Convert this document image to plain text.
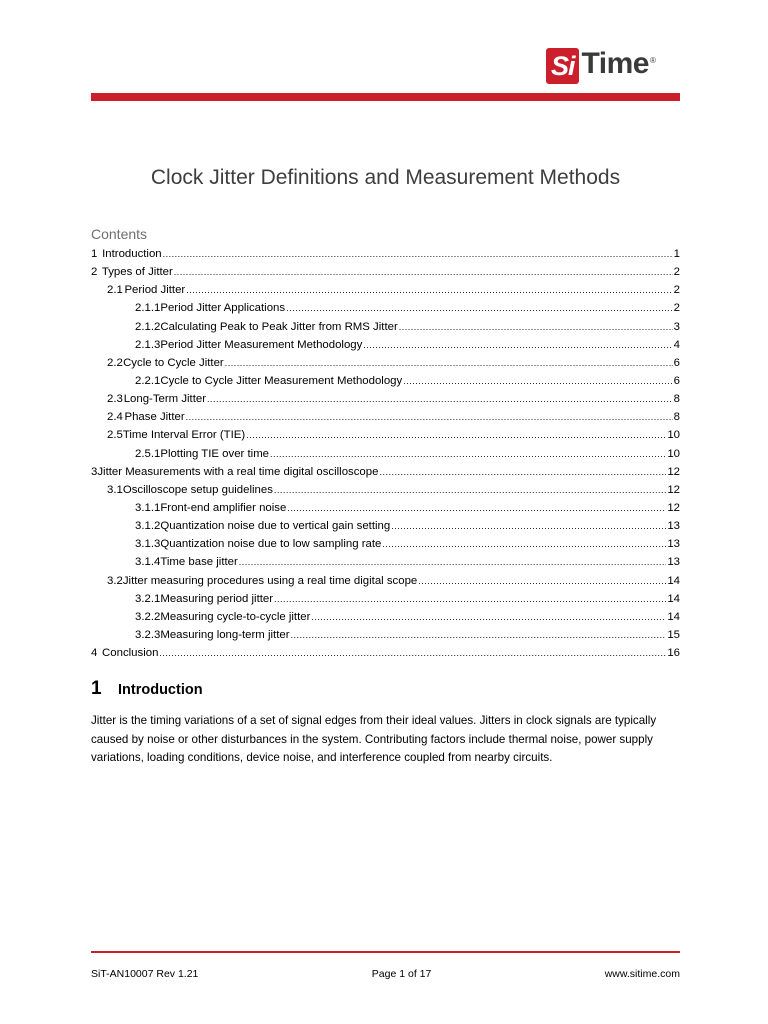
Si Time ®
Clock Jitter Definitions and Measurement Methods
Contents
1 Introduction .....	1
2 Types of Jitter .....	2
2.1 Period Jitter .....	2
2.1.1 Period Jitter Applications .....	2
2.1.2 Calculating Peak to Peak Jitter from RMS Jitter .....	3
2.1.3 Period Jitter Measurement Methodology .....	4
2.2 Cycle to Cycle Jitter .....	6
2.2.1 Cycle to Cycle Jitter Measurement Methodology .....	6
2.3 Long-Term Jitter .....	8
2.4 Phase Jitter .....	8
2.5 Time Interval Error (TIE) .....	10
2.5.1 Plotting TIE over time .....	10
3 Jitter Measurements with a real time digital oscilloscope .....	12
3.1 Oscilloscope setup guidelines .....	12
3.1.1 Front-end amplifier noise .....	12
3.1.2 Quantization noise due to vertical gain setting .....	13
3.1.3 Quantization noise due to low sampling rate .....	13
3.1.4 Time base jitter .....	13
3.2 Jitter measuring procedures using a real time digital scope .....	14
3.2.1 Measuring period jitter .....	14
3.2.2 Measuring cycle-to-cycle jitter .....	14
3.2.3 Measuring long-term jitter .....	15
4 Conclusion .....	16
1	Introduction
Jitter is the timing variations of a set of signal edges from their ideal values. Jitters in clock signals are typically caused by noise or other disturbances in the system. Contributing factors include thermal noise, power supply variations, loading conditions, device noise, and interference coupled from nearby circuits.
SiT-AN10007 Rev 1.21	Page 1 of 17	www.sitime.com
